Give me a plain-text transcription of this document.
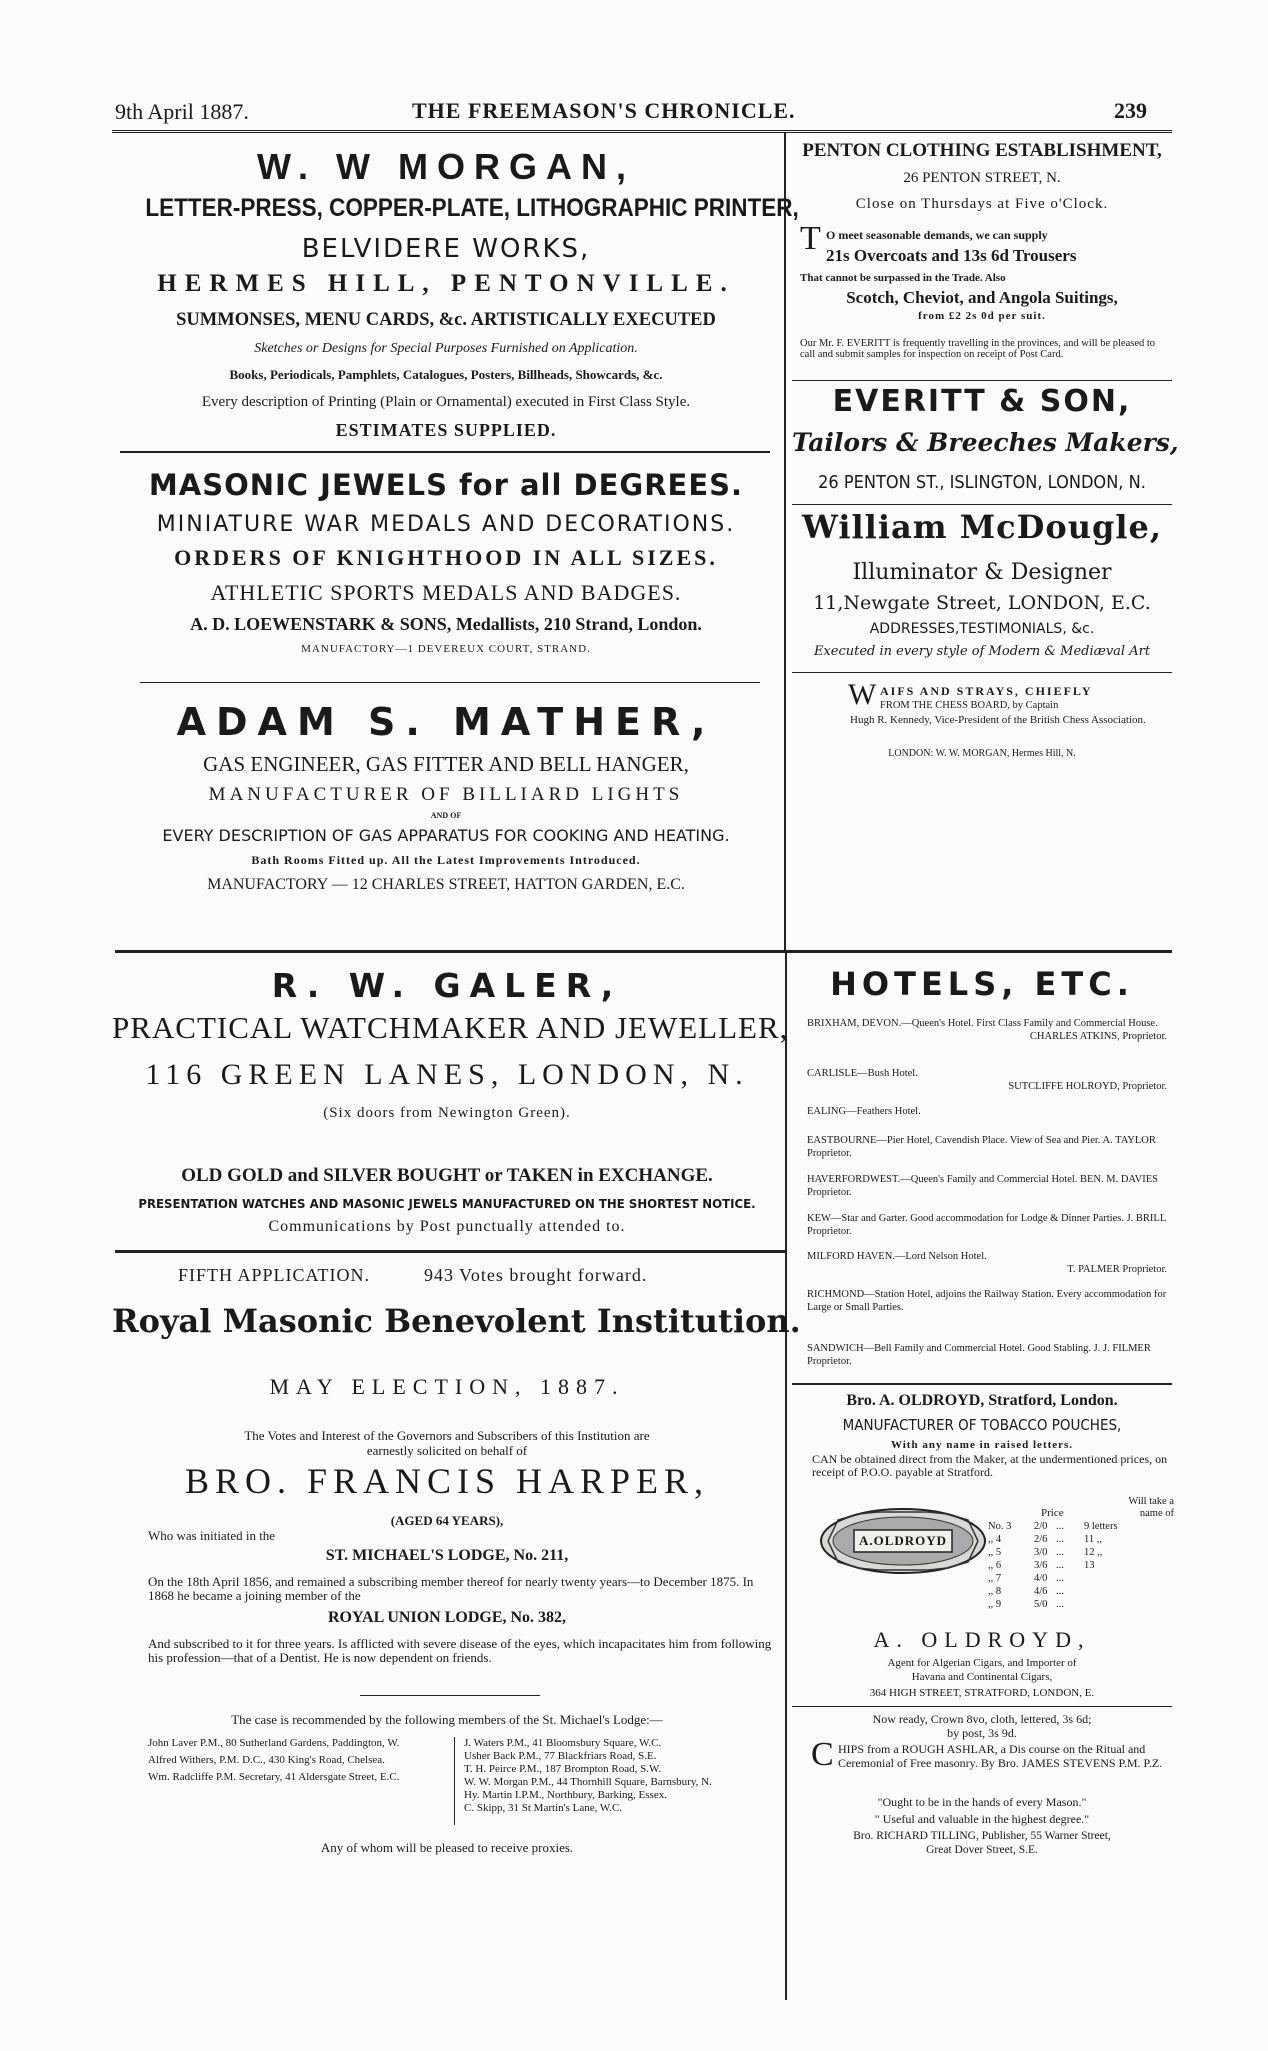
9th April 1887.	THE FREEMASON'S CHRONICLE.	239
W. W MORGAN,
LETTER-PRESS, COPPER-PLATE, LITHOGRAPHIC PRINTER,
BELVIDERE WORKS,
HERMES HILL, PENTONVILLE.
SUMMONSES, MENU CARDS, &c. ARTISTICALLY EXECUTED
Sketches or Designs for Special Purposes Furnished on Application.
Books, Periodicals, Pamphlets, Catalogues, Posters, Billheads, Showcards, &c.
Every description of Printing (Plain or Ornamental) executed in First Class Style.
ESTIMATES SUPPLIED.
MASONIC JEWELS for all DEGREES.
MINIATURE WAR MEDALS AND DECORATIONS.
ORDERS OF KNIGHTHOOD IN ALL SIZES.
ATHLETIC SPORTS MEDALS AND BADGES.
A. D. LOEWENSTARK & SONS, Medallists, 210 Strand, London.
MANUFACTORY—1 DEVEREUX COURT, STRAND.
ADAM S. MATHER,
GAS ENGINEER, GAS FITTER AND BELL HANGER,
MANUFACTURER OF BILLIARD LIGHTS
AND OF
EVERY DESCRIPTION OF GAS APPARATUS FOR COOKING AND HEATING.
Bath Rooms Fitted up. All the Latest Improvements Introduced.
MANUFACTORY — 12 CHARLES STREET, HATTON GARDEN, E.C.
PENTON CLOTHING ESTABLISHMENT,
26 PENTON STREET, N.
Close on Thursdays at Five o'Clock.
T O meet seasonable demands, we can supply
21s Overcoats and 13s 6d Trousers
That cannot be surpassed in the Trade. Also
Scotch, Cheviot, and Angola Suitings,
from £2 2s 0d per suit.
Our Mr. F. EVERITT is frequently travelling in the provinces, and will be pleased to call and submit samples for inspection on receipt of Post Card.
EVERITT & SON,
Tailors & Breeches Makers,
26 PENTON ST., ISLINGTON, LONDON, N.
William McDougle,
Illuminator & Designer
11,Newgate Street, LONDON, E.C.
ADDRESSES,TESTIMONIALS, &c.
Executed in every style of Modern & Mediæval Art
W AIFS AND STRAYS, CHIEFLY
FROM THE CHESS BOARD, by Captain
Hugh R. Kennedy, Vice-President of the British Chess Association.
LONDON: W. W. MORGAN, Hermes Hill, N.
R. W. GALER,
PRACTICAL WATCHMAKER AND JEWELLER,
116 GREEN LANES, LONDON, N.
(Six doors from Newington Green).
OLD GOLD and SILVER BOUGHT or TAKEN in EXCHANGE.
PRESENTATION WATCHES AND MASONIC JEWELS MANUFACTURED ON THE SHORTEST NOTICE.
Communications by Post punctually attended to.
FIFTH APPLICATION.	943 Votes brought forward.
Royal Masonic Benevolent Institution.
MAY ELECTION, 1887.
The Votes and Interest of the Governors and Subscribers of this Institution are
earnestly solicited on behalf of
BRO. FRANCIS HARPER,
(AGED 64 YEARS),
Who was initiated in the
ST. MICHAEL'S LODGE, No. 211,
On the 18th April 1856, and remained a subscribing member thereof for nearly twenty years—to December 1875. In 1868 he became a joining member of the
ROYAL UNION LODGE, No. 382,
And subscribed to it for three years. Is afflicted with severe disease of the eyes, which incapacitates him from following his profession—that of a Dentist. He is now dependent on friends.
The case is recommended by the following members of the St. Michael's Lodge:—
John Laver P.M., 80 Sutherland Gardens, Paddington, W.
Alfred Withers, P.M. D.C., 430 King's Road, Chelsea.
Wm. Radcliffe P.M. Secretary, 41 Aldersgate Street, E.C.
J. Waters P.M., 41 Bloomsbury Square, W.C.
Usher Back P.M., 77 Blackfriars Road, S.E.
T. H. Peirce P.M., 187 Brompton Road, S.W.
W. W. Morgan P.M., 44 Thornhill Square, Barnsbury, N.
Hy. Martin I.P.M., Northbury, Barking, Essex.
C. Skipp, 31 St Martin's Lane, W.C.
Any of whom will be pleased to receive proxies.
HOTELS, ETC.
BRIXHAM, DEVON.—Queen's Hotel. First Class Family and Commercial House.
CHARLES ATKINS, Proprietor.
CARLISLE—Bush Hotel.
SUTCLIFFE HOLROYD, Proprietor.
EALING—Feathers Hotel.
EASTBOURNE—Pier Hotel, Cavendish Place. View of Sea and Pier. A. TAYLOR Proprietor.
HAVERFORDWEST.—Queen's Family and Commercial Hotel. BEN. M. DAVIES Proprietor.
KEW—Star and Garter. Good accommodation for Lodge & Dinner Parties. J. BRILL Proprietor.
MILFORD HAVEN.—Lord Nelson Hotel.
T. PALMER Proprietor.
RICHMOND—Station Hotel, adjoins the Railway Station. Every accommodation for Large or Small Parties.
SANDWICH—Bell Family and Commercial Hotel. Good Stabling. J. J. FILMER Proprietor.
Bro. A. OLDROYD, Stratford, London.
MANUFACTURER OF TOBACCO POUCHES,
With any name in raised letters.
CAN be obtained direct from the Maker, at the undermentioned prices, on receipt of P.O.O. payable at Stratford.
A.OLDROYD
Will take a name of
Price
No. 3	2/0 ...	9 letters
,, 4	2/6 ...	11 ,,
,, 5	3/0 ...	12 ,,
,, 6	3/6 ...	13
,, 7	4/0 ...
,, 8	4/6 ...
,, 9	5/0 ...
A. OLDROYD,
Agent for Algerian Cigars, and Importer of
Havana and Continental Cigars,
364 HIGH STREET, STRATFORD, LONDON, E.
Now ready, Crown 8vo, cloth, lettered, 3s 6d;
by post, 3s 9d.
C HIPS from a ROUGH ASHLAR, a Dis course on the Ritual and Ceremonial of Free masonry. By Bro. JAMES STEVENS P.M. P.Z.
"Ought to be in the hands of every Mason."
" Useful and valuable in the highest degree."
Bro. RICHARD TILLING, Publisher, 55 Warner Street,
Great Dover Street, S.E.
